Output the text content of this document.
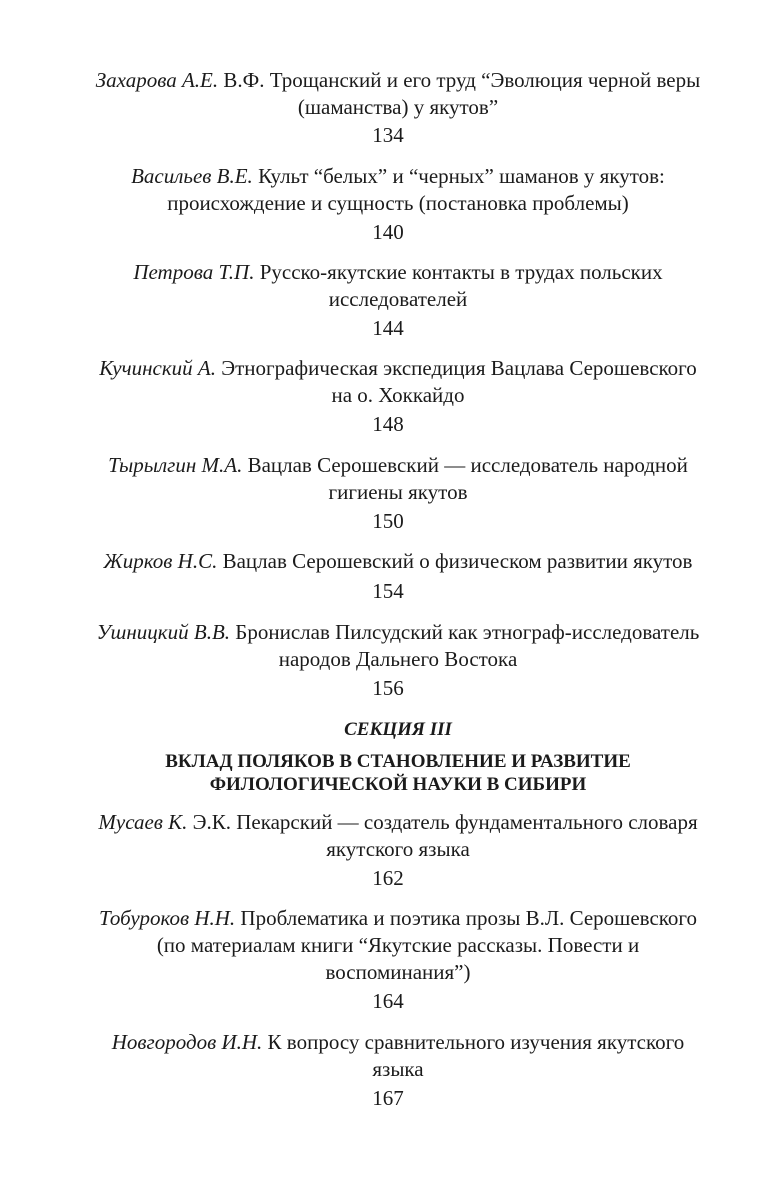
Захарова А.Е. В.Ф. Трощанский и его труд “Эволюция черной веры
(шаманства) у якутов”
134
Васильев В.Е. Культ “белых” и “черных” шаманов у якутов:
происхождение и сущность (постановка проблемы)
140
Петрова Т.П. Русско-якутские контакты в трудах польских
исследователей
144
Кучинский А. Этнографическая экспедиция Вацлава Серошевского
на о. Хоккайдо
148
Тырылгин М.А. Вацлав Серошевский — исследователь народной
гигиены якутов
150
Жирков Н.С. Вацлав Серошевский о физическом развитии якутов
154
Ушницкий В.В. Бронислав Пилсудский как этнограф-исследователь
народов Дальнего Востока
156
СЕКЦИЯ III
ВКЛАД ПОЛЯКОВ В СТАНОВЛЕНИЕ И РАЗВИТИЕ
ФИЛОЛОГИЧЕСКОЙ НАУКИ В СИБИРИ
Мусаев К. Э.К. Пекарский — создатель фундаментального словаря
якутского языка
162
Тобуроков Н.Н. Проблематика и поэтика прозы В.Л. Серошевского
(по материалам книги “Якутские рассказы. Повести и
воспоминания”)
164
Новгородов И.Н. К вопросу сравнительного изучения якутского
языка
167
